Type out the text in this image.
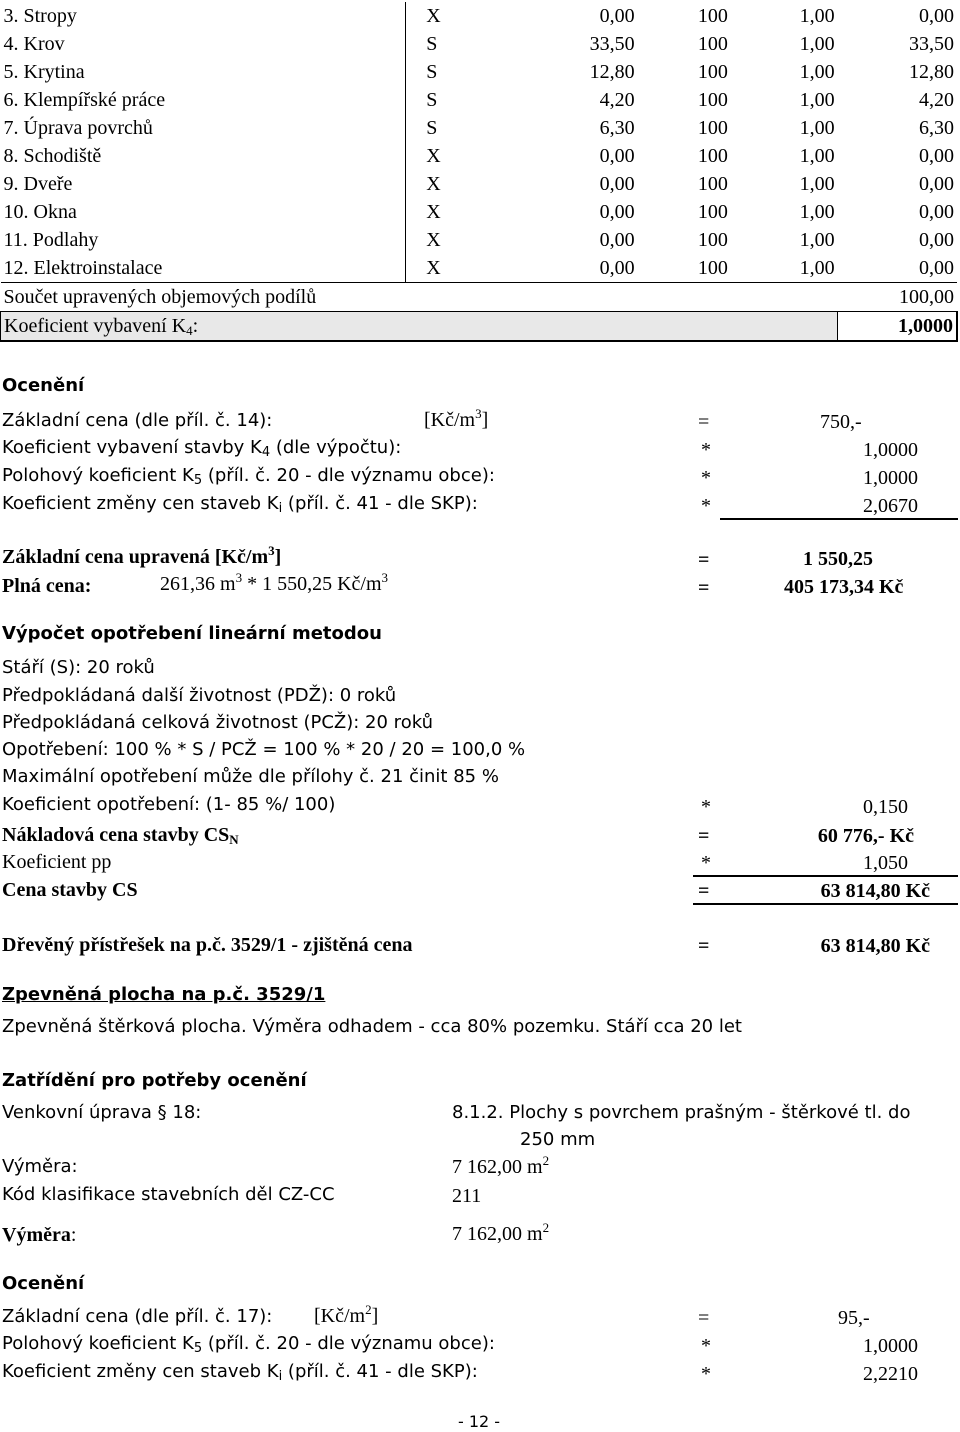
3. Stropy	X	0,00	100	1,00	0,00
4. Krov	S	33,50	100	1,00	33,50
5. Krytina	S	12,80	100	1,00	12,80
6. Klempířské práce	S	4,20	100	1,00	4,20
7. Úprava povrchů	S	6,30	100	1,00	6,30
8. Schodiště	X	0,00	100	1,00	0,00
9. Dveře	X	0,00	100	1,00	0,00
10. Okna	X	0,00	100	1,00	0,00
11. Podlahy	X	0,00	100	1,00	0,00
12. Elektroinstalace	X	0,00	100	1,00	0,00
Součet upravených objemových podílů					100,00
Koeficient vybavení $K_4$:					1,0000
Ocenění
Základní cena (dle příl. č. 14):	$[Kč/m^3]$	=	750,-
Koeficient vybavení stavby $K_4$ (dle výpočtu):	*	1,0000
Polohový koeficient $K_5$ (příl. č. 20 - dle významu obce):	*	1,0000
Koeficient změny cen staveb $K_i$ (příl. č. 41 - dle SKP):	*	2,0670
Základní cena upravená $[Kč/m^3]$	=	1 550,25
Plná cena:	261,36 $m^3 * 1$ 550,25 $Kč/m^3$	=	405 173,34 Kč
Výpočet opotřebení lineární metodou
Stáří (S): 20 roků
Předpokládaná další životnost (PDŽ): 0 roků
Předpokládaná celková životnost (PCŽ): 20 roků
Opotřebení: 100 % * S / PCŽ = 100 % * 20 / 20 = 100,0 %
Maximální opotřebení může dle přílohy č. 21 činit 85 %
Koeficient opotřebení: (1- 85 %/ 100)	*	0,150
Nákladová cena stavby $CS_N$	=	60 776,- Kč
Koeficient pp	*	1,050
Cena stavby CS	=	63 814,80 Kč
Dřevěný přístřešek na p.č. 3529/1 - zjištěná cena	=	63 814,80 Kč
Zpevněná plocha na p.č. 3529/1
Zpevněná štěrková plocha. Výměra odhadem - cca 80% pozemku. Stáří cca 20 let
Zatřídění pro potřeby ocenění
Venkovní úprava § 18:	8.1.2. Plochy s povrchem prašným - štěrkové tl. do
250 mm
Výměra:	7 162,00 $m^2$
Kód klasifikace stavebních děl CZ-CC	211
Výměra:	7 162,00 $m^2$
Ocenění
Základní cena (dle příl. č. 17): $[Kč/m^2]$	=	95,-
Polohový koeficient $K_5$ (příl. č. 20 - dle významu obce):	*	1,0000
Koeficient změny cen staveb $K_i$ (příl. č. 41 - dle SKP):	*	2,2210
- 12 -
